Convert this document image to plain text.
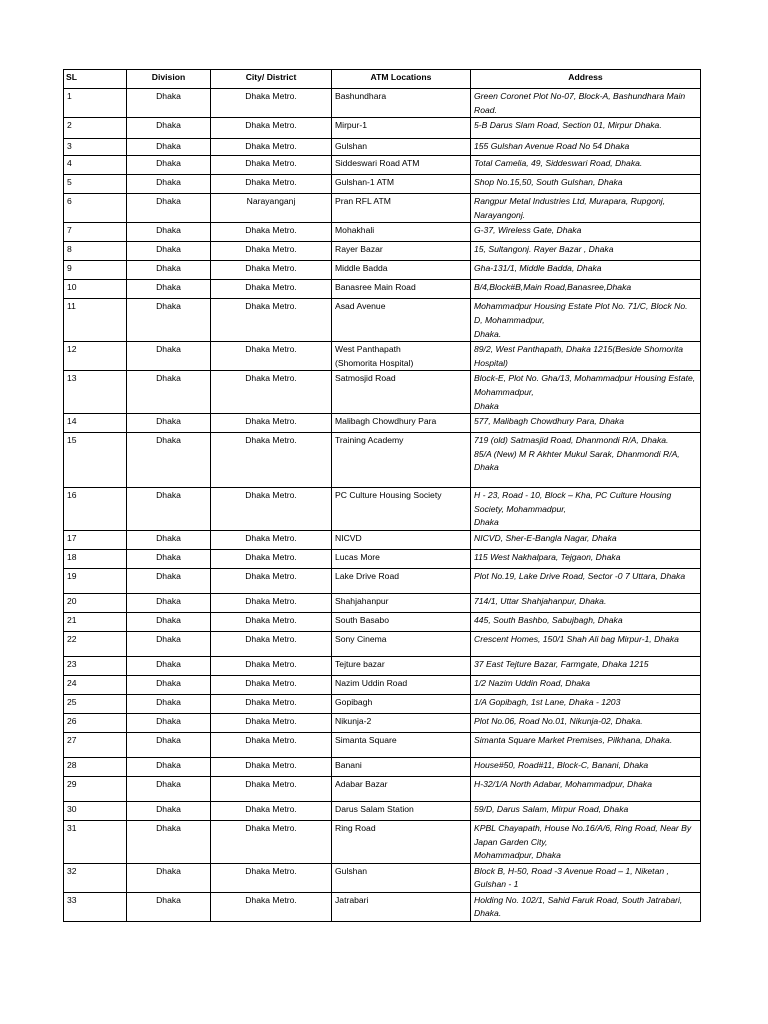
SL	Division	City/ District	ATM Locations	Address
1	Dhaka	Dhaka Metro.	Bashundhara	Green Coronet Plot No-07, Block-A, Bashundhara Main Road.
2	Dhaka	Dhaka Metro.	Mirpur-1	5-B Darus Slam Road, Section 01, Mirpur Dhaka.
3	Dhaka	Dhaka Metro.	Gulshan	155 Gulshan Avenue Road No 54 Dhaka
4	Dhaka	Dhaka Metro.	Siddeswari Road ATM	Total Camelia, 49, Siddeswari Road, Dhaka.
5	Dhaka	Dhaka Metro.	Gulshan-1 ATM	Shop No.15,50, South Gulshan, Dhaka
6	Dhaka	Narayanganj	Pran RFL ATM	Rangpur Metal Industries Ltd, Murapara, Rupgonj, Narayangonj.
7	Dhaka	Dhaka Metro.	Mohakhali	G-37, Wireless Gate, Dhaka
8	Dhaka	Dhaka Metro.	Rayer Bazar	15, Sultangonj. Rayer Bazar , Dhaka
9	Dhaka	Dhaka Metro.	Middle Badda	Gha-131/1, Middle Badda, Dhaka
10	Dhaka	Dhaka Metro.	Banasree Main Road	B/4,Block#B,Main Road,Banasree,Dhaka
11	Dhaka	Dhaka Metro.	Asad Avenue	Mohammadpur Housing Estate Plot No. 71/C, Block No. D, Mohammadpur,
Dhaka.
12	Dhaka	Dhaka Metro.	West Panthapath
(Shomorita Hospital)	89/2, West Panthapath, Dhaka 1215(Beside Shomorita Hospital)
13	Dhaka	Dhaka Metro.	Satmosjid Road	Block-E, Plot No. Gha/13, Mohammadpur Housing Estate, Mohammadpur,
Dhaka
14	Dhaka	Dhaka Metro.	Malibagh Chowdhury Para	577, Malibagh Chowdhury Para, Dhaka
15	Dhaka	Dhaka Metro.	Training Academy	719 (old) Satmasjid Road, Dhanmondi R/A, Dhaka.
85/A (New) M R Akhter Mukul Sarak, Dhanmondi R/A, Dhaka
16	Dhaka	Dhaka Metro.	PC Culture Housing Society	H - 23, Road - 10, Block – Kha, PC Culture Housing Society, Mohammadpur,
Dhaka
17	Dhaka	Dhaka Metro.	NICVD	NICVD, Sher-E-Bangla Nagar, Dhaka
18	Dhaka	Dhaka Metro.	Lucas More	115 West Nakhalpara, Tejgaon, Dhaka
19	Dhaka	Dhaka Metro.	Lake Drive Road	Plot No.19, Lake Drive Road, Sector -0 7 Uttara, Dhaka
20	Dhaka	Dhaka Metro.	Shahjahanpur	714/1, Uttar Shahjahanpur, Dhaka.
21	Dhaka	Dhaka Metro.	South Basabo	445, South Bashbo, Sabujbagh, Dhaka
22	Dhaka	Dhaka Metro.	Sony Cinema	Crescent Homes, 150/1 Shah Ali bag Mirpur-1, Dhaka
23	Dhaka	Dhaka Metro.	Tejture bazar	37 East Tejture Bazar, Farmgate, Dhaka 1215
24	Dhaka	Dhaka Metro.	Nazim Uddin Road	1/2 Nazim Uddin Road, Dhaka
25	Dhaka	Dhaka Metro.	Gopibagh	1/A Gopibagh, 1st Lane, Dhaka - 1203
26	Dhaka	Dhaka Metro.	Nikunja-2	Plot No.06, Road No.01, Nikunja-02, Dhaka.
27	Dhaka	Dhaka Metro.	Simanta Square	Simanta Square Market Premises, Pilkhana, Dhaka.
28	Dhaka	Dhaka Metro.	Banani	House#50, Road#11, Block-C, Banani, Dhaka
29	Dhaka	Dhaka Metro.	Adabar Bazar	H-32/1/A North Adabar, Mohammadpur, Dhaka
30	Dhaka	Dhaka Metro.	Darus Salam Station	59/D, Darus Salam, Mirpur Road, Dhaka
31	Dhaka	Dhaka Metro.	Ring Road	KPBL Chayapath, House No.16/A/6, Ring Road, Near By Japan Garden City,
Mohammadpur, Dhaka
32	Dhaka	Dhaka Metro.	Gulshan	Block B, H-50, Road -3 Avenue Road – 1, Niketan , Gulshan - 1
33	Dhaka	Dhaka Metro.	Jatrabari	Holding No. 102/1, Sahid Faruk Road, South Jatrabari, Dhaka.
